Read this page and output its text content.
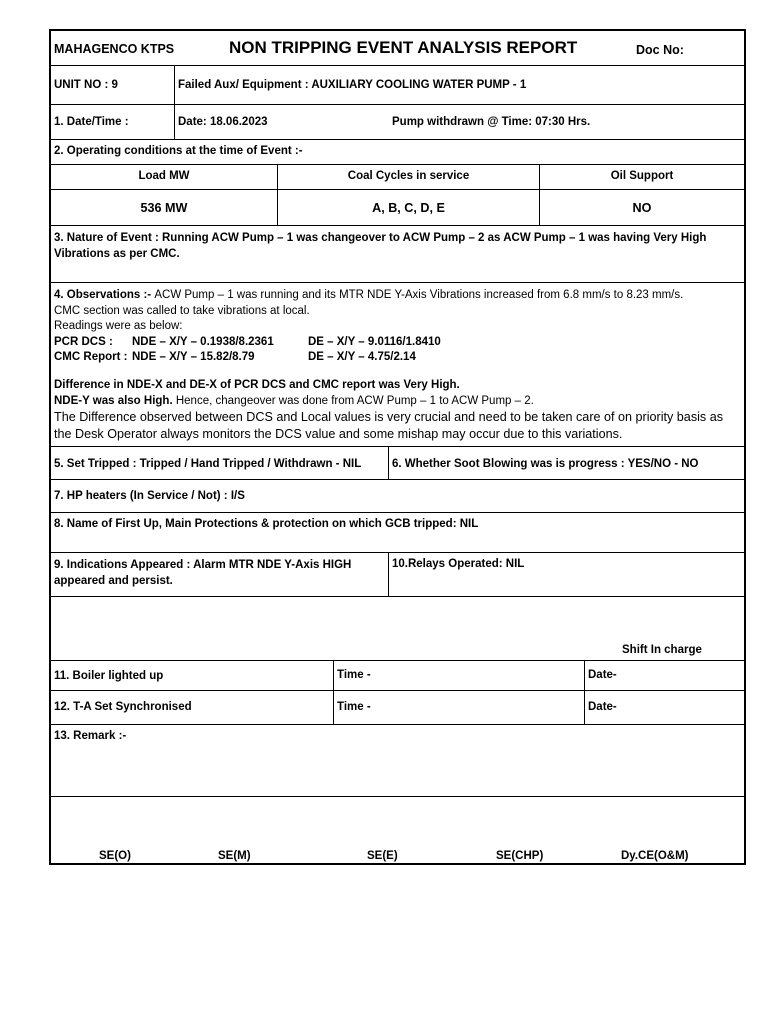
MAHAGENCO KTPS	NON TRIPPING EVENT ANALYSIS REPORT	Doc No:
UNIT NO : 9	Failed Aux/ Equipment : AUXILIARY COOLING WATER PUMP - 1
1. Date/Time :	Date: 18.06.2023	Pump withdrawn @ Time: 07:30 Hrs.
2. Operating conditions at the time of Event :-
Load MW	Coal Cycles in service	Oil Support
536 MW	A, B, C, D, E	NO
3. Nature of Event : Running ACW Pump – 1 was changeover to ACW Pump – 2 as ACW Pump – 1 was having Very High
Vibrations as per CMC.
4. Observations :- ACW Pump – 1 was running and its MTR NDE Y-Axis Vibrations increased from 6.8 mm/s to 8.23 mm/s.
CMC section was called to take vibrations at local.
Readings were as below:
PCR DCS : NDE – X/Y – 0.1938/8.2361	DE – X/Y – 9.0116/1.8410
CMC Report : NDE – X/Y – 15.82/8.79	DE – X/Y – 4.75/2.14
Difference in NDE-X and DE-X of PCR DCS and CMC report was Very High.
NDE-Y was also High. Hence, changeover was done from ACW Pump – 1 to ACW Pump – 2.
The Difference observed between DCS and Local values is very crucial and need to be taken care of on priority basis as
the Desk Operator always monitors the DCS value and some mishap may occur due to this variations.
5. Set Tripped : Tripped / Hand Tripped / Withdrawn - NIL	6. Whether Soot Blowing was is progress : YES/NO - NO
7. HP heaters (In Service / Not) : I/S
8. Name of First Up, Main Protections & protection on which GCB tripped: NIL
9. Indications Appeared : Alarm MTR NDE Y-Axis HIGH
appeared and persist.
10.Relays Operated: NIL
Shift In charge
11. Boiler lighted up	Time -	Date-
12. T-A Set Synchronised	Time -	Date-
13. Remark :-
SE(O)	SE(M)	SE(E)	SE(CHP)	Dy.CE(O&M)
